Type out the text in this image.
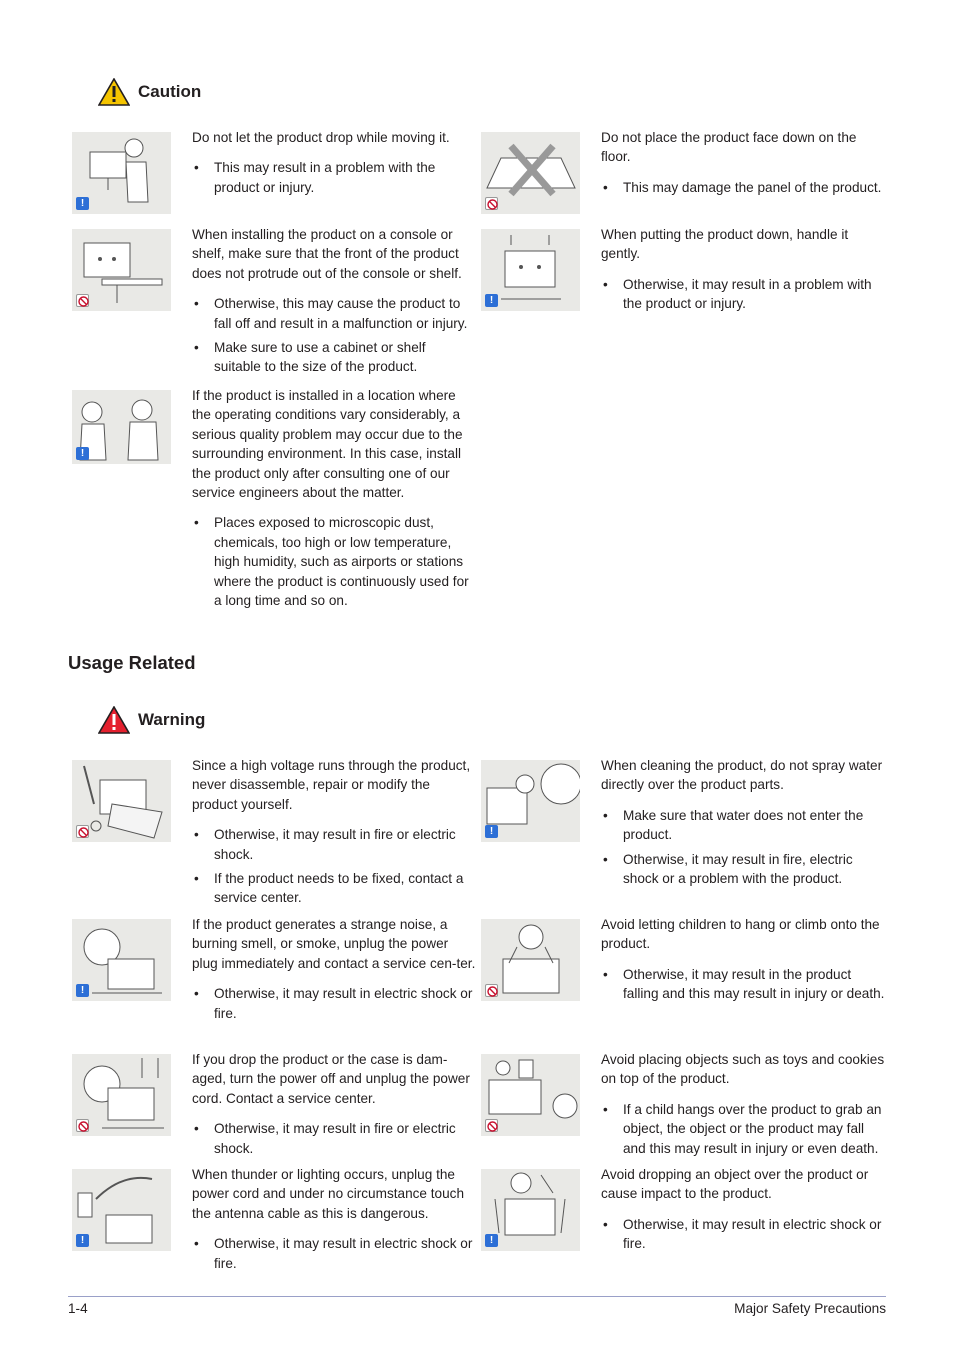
Caution
!

Do not let the product drop while moving it.

• This may result in a problem with the product or injury.

When installing the product on a console or shelf, make sure that the front of the product does not protrude out of the console or shelf.

• Otherwise, this may cause the product to fall off and result in a malfunction or injury.
• Make sure to use a cabinet or shelf suitable to the size of the product.
!

If the product is installed in a location where the operating conditions vary considerably, a serious quality problem may occur due to the surrounding environment. In this case, install the product only after consulting one of our service engineers about the matter.

• Places exposed to microscopic dust, chemicals, too high or low temperature, high humidity, such as airports or stations where the product is continuously used for a long time and so on.

Do not place the product face down on the floor.

• This may damage the panel of the product.
!

When putting the product down, handle it gently.

• Otherwise, it may result in a problem with the product or injury.
Usage Related
Warning

Since a high voltage runs through the product, never disassemble, repair or modify the product yourself.

• Otherwise, it may result in fire or electric shock.
• If the product needs to be fixed, contact a service center.
!

If the product generates a strange noise, a burning smell, or smoke, unplug the power plug immediately and contact a service cen-ter.

• Otherwise, it may result in electric shock or fire.

If you drop the product or the case is dam-aged, turn the power off and unplug the power cord. Contact a service center.

• Otherwise, it may result in fire or electric shock.
!

When thunder or lighting occurs, unplug the power cord and under no circumstance touch the antenna cable as this is dangerous.

• Otherwise, it may result in electric shock or fire.
!

When cleaning the product, do not spray water directly over the product parts.

• Make sure that water does not enter the product.
• Otherwise, it may result in fire, electric shock or a problem with the product.

Avoid letting children to hang or climb onto the product.

• Otherwise, it may result in the product falling and this may result in injury or death.

Avoid placing objects such as toys and cookies on top of the product.

• If a child hangs over the product to grab an object, the object or the product may fall and this may result in injury or even death.
!

Avoid dropping an object over the product or cause impact to the product.

• Otherwise, it may result in electric shock or fire.
1-4	Major Safety Precautions
